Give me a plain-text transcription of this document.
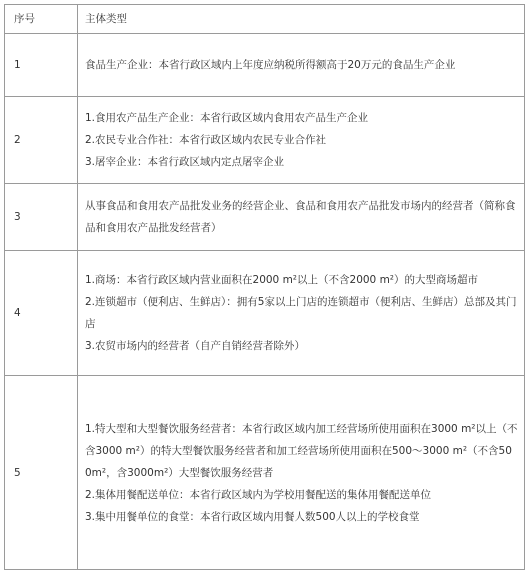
序号	主体类型
1	食品生产企业：本省行政区域内上年度应纳税所得额高于20万元的食品生产企业

2	1.食用农产品生产企业：本省行政区域内食用农产品生产企业
2.农民专业合作社：本省行政区域内农民专业合作社
3.屠宰企业：本省行政区域内定点屠宰企业

3	从事食品和食用农产品批发业务的经营企业、食品和食用农产品批发市场内的经营者（简称食品和食用农产品批发经营者）

4	1.商场：本省行政区域内营业面积在2000 m²以上（不含2000 m²）的大型商场超市
2.连锁超市（便利店、生鲜店）：拥有5家以上门店的连锁超市（便利店、生鲜店）总部及其门店
3.农贸市场内的经营者（自产自销经营者除外）

5	1.特大型和大型餐饮服务经营者：本省行政区域内加工经营场所使用面积在3000 m²以上（不含3000 m²）的特大型餐饮服务经营者和加工经营场所使用面积在500～3000 m²（不含500m²，含3000m²）大型餐饮服务经营者
2.集体用餐配送单位：本省行政区域内为学校用餐配送的集体用餐配送单位
3.集中用餐单位的食堂：本省行政区域内用餐人数500人以上的学校食堂
